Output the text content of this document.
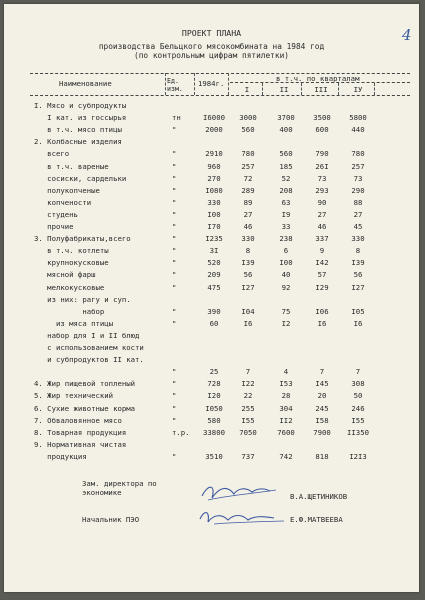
4
ПРОЕКТ ПЛАНА
производства Бельцкого мясокомбината на 1984 год
(по контрольным цифрам пятилетки)
Наименование	Ед. изм.
1984г.
в т.ч. по кварталам
I	II	III	IУ
Зам. директора по
экономике	В.А.ЩЕТИНИКОВ
Начальник ПЭО	Е.Ф.МАТВЕЕВА
I. Мясо и субпродукты
I кат. из госсырья	тн	I6000	3000	3700	3500	5800
в т.ч. мясо птицы	"	2000	560	400	600	440
2. Колбасные изделия
всего	"	2910	780	560	790	780
в т.ч. вареные	"	960	257	185	26I	257
сосиски, сардельки	"	270	72	52	73	73
полукопченые	"	I080	289	208	293	290
копчености	"	330	89	63	90	88
студень	"	I00	27	I9	27	27
прочие	"	I70	46	33	46	45
3. Полуфабрикаты,всего	"	I235	330	238	337	330
в т.ч. котлеты	"	3I	8	6	9	8
крупнокусковые	"	520	I39	I00	I42	I39
мясной фарш	"	209	56	40	57	56
мелкокусковые	"	475	I27	92	I29	I27
из них: рагу и суп.
набор	"	390	I04	75	I06	I05
из мяса птицы	"	60	I6	I2	I6	I6
набор для I и II блюд
с использованием кости
и субпродуктов II кат.
"	25	7	4	7	7
4. Жир пищевой топленый	"	728	I22	I53	I45	308
5. Жир технический	"	I20	22	28	20	50
6. Сухие животные корма	"	I050	255	304	245	246
7. Обваловянное мясо	"	580	I55	II2	I58	I55
8. Товарная продукция	т.р.	33800	7050	7600	7900	II350
9. Нормативная чистая
продукция	"	3510	737	742	818	I2I3
